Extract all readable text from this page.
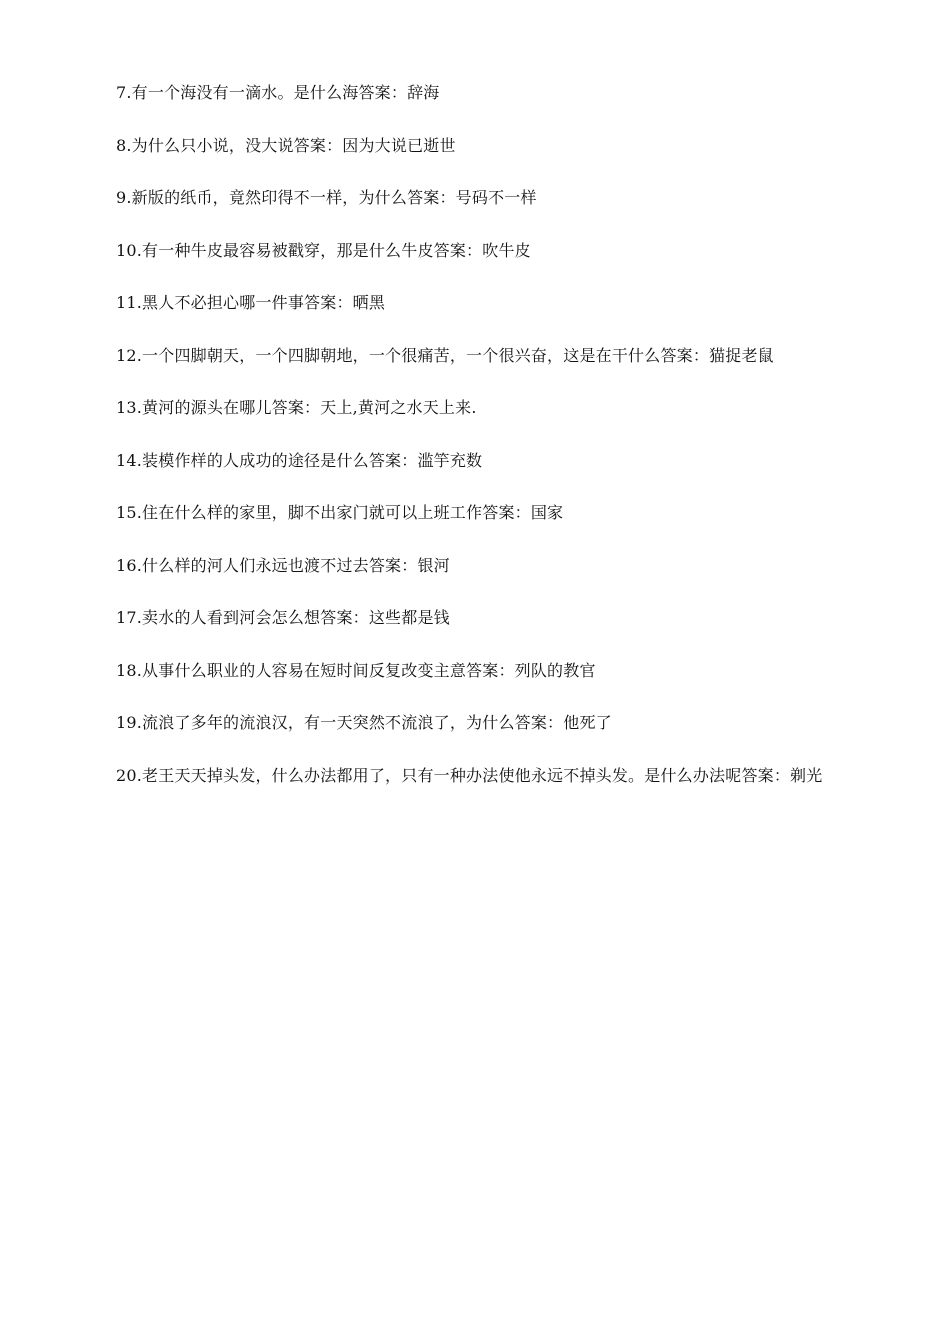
7.有一个海没有一滴水。是什么海答案：辞海

8.为什么只小说，没大说答案：因为大说已逝世

9.新版的纸币，竟然印得不一样，为什么答案：号码不一样

10.有一种牛皮最容易被戳穿，那是什么牛皮答案：吹牛皮

11.黑人不必担心哪一件事答案：晒黑

12.一个四脚朝天，一个四脚朝地，一个很痛苦，一个很兴奋，这是在干什么答案：猫捉老鼠

13.黄河的源头在哪儿答案：天上,黄河之水天上来.

14.装模作样的人成功的途径是什么答案：滥竽充数

15.住在什么样的家里，脚不出家门就可以上班工作答案：国家

16.什么样的河人们永远也渡不过去答案：银河

17.卖水的人看到河会怎么想答案：这些都是钱

18.从事什么职业的人容易在短时间反复改变主意答案：列队的教官

19.流浪了多年的流浪汉，有一天突然不流浪了，为什么答案：他死了

20.老王天天掉头发，什么办法都用了，只有一种办法使他永远不掉头发。是什么办法呢答案：剃光
